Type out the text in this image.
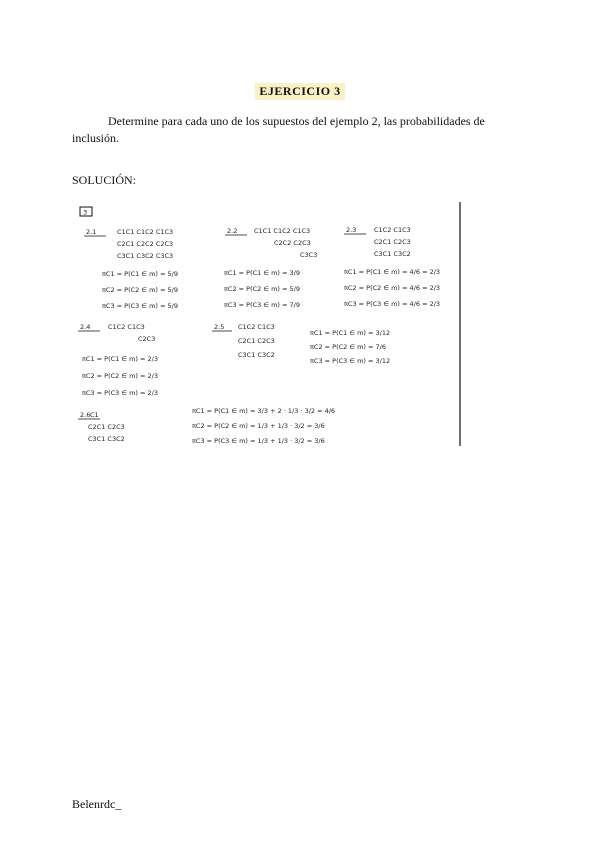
EJERCICIO 3
Determine para cada uno de los supuestos del ejemplo 2, las probabilidades de inclusión.
SOLUCIÓN:
3
2.1	C1C1 C1C2 C1C3
C2C1 C2C2 C2C3
C3C1 C3C2 C3C3
πC1 = P(C1 ∈ m) = 5/9
πC2 = P(C2 ∈ m) = 5/9
πC3 = P(C3 ∈ m) = 5/9
2.2	C1C1 C1C2 C1C3
C2C2 C2C3
C3C3
πC1 = P(C1 ∈ m) = 3/9
πC2 = P(C2 ∈ m) = 5/9
πC3 = P(C3 ∈ m) = 7/9
2.3	C1C2 C1C3
C2C1 C2C3
C3C1 C3C2
πC1 = P(C1 ∈ m) = 4/6 = 2/3
πC2 = P(C2 ∈ m) = 4/6 = 2/3
πC3 = P(C3 ∈ m) = 4/6 = 2/3
2.4	C1C2 C1C3
C2C3
πC1 = P(C1 ∈ m) = 2/3
πC2 = P(C2 ∈ m) = 2/3
πC3 = P(C3 ∈ m) = 2/3
2.5 C1C2 C1C3
C2C1 C2C3
C3C1 C3C2
πC1 = P(C1 ∈ m) = 3/12
πC2 = P(C2 ∈ m) = 7/6
πC3 = P(C3 ∈ m) = 3/12
2.6 C1
C2C1 C2C3
C3C1 C3C2
πC1 = P(C1 ∈ m) = 3/3 + 2 · 1/3 · 3/2 = 4/6
πC2 = P(C2 ∈ m) = 1/3 + 1/3 · 3/2 = 3/6
πC3 = P(C3 ∈ m) = 1/3 + 1/3 · 3/2 = 3/6
Belenrdc_
